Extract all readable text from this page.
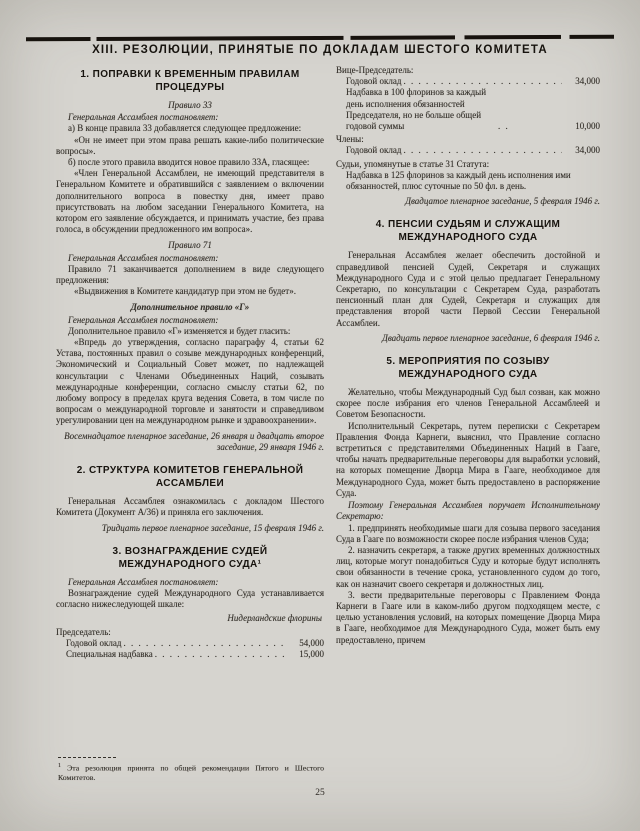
XIII. РЕЗОЛЮЦИИ, ПРИНЯТЫЕ ПО ДОКЛАДАМ ШЕСТОГО КОМИТЕТА
1. ПОПРАВКИ К ВРЕМЕННЫМ ПРАВИЛАМ ПРОЦЕДУРЫ
Правило 33
Генеральная Ассамблея постановляет:
а) В конце правила 33 добавляется следующее предложение:
«Он не имеет при этом права решать какие-либо политические вопросы».
б) после этого правила вводится новое правило 33А, гласящее:
«Член Генеральной Ассамблеи, не имеющий представителя в Генеральном Комитете и обратившийся с заявлением о включении дополнительного вопроса в повестку дня, имеет право присутствовать на любом заседании Генерального Комитета, на котором его заявление обсуждается, и принимать участие, без права голоса, в обсуждении предложенного им вопроса».
Правило 71
Генеральная Ассамблея постановляет:
Правило 71 заканчивается дополнением в виде следующего предложения:
«Выдвижения в Комитете кандидатур при этом не будет».
Дополнительное правило «Г»
Генеральная Ассамблея постановляет:
Дополнительное правило «Г» изменяется и будет гласить:
«Впредь до утверждения, согласно параграфу 4, статьи 62 Устава, постоянных правил о созыве международных конференций, Экономический и Социальный Совет может, по надлежащей консультации с Членами Объединенных Наций, созывать международные конференции, согласно смыслу статьи 62, по любому вопросу в пределах круга ведения Совета, в том числе по вопросам о международной торговле и занятости и справедливом урегулировании цен на международном рынке и здравоохранении».
Восемнадцатое пленарное заседание, 26 января и двадцать второе заседание, 29 января 1946 г.
2. СТРУКТУРА КОМИТЕТОВ ГЕНЕРАЛЬНОЙ АССАМБЛЕИ
Генеральная Ассамблея ознакомилась с докладом Шестого Комитета (Документ A/36) и приняла его заключения.
Тридцать первое пленарное заседание, 15 февраля 1946 г.
3. ВОЗНАГРАЖДЕНИЕ СУДЕЙ МЕЖДУНАРОДНОГО СУДА¹
Генеральная Ассамблея постановляет:
Вознаграждение судей Международного Суда устанавливается согласно нижеследующей шкале:
Нидерландские флорины
Председатель:
Годовой оклад . . .	54,000
Специальная надбавка . . .	15,000
Вице-Председатель:
Годовой оклад . . .	34,000
Надбавка в 100 флоринов за каждый день исполнения обязанностей Председателя, но не больше общей годовой суммы . .	10,000
Члены:
Годовой оклад . . .	34,000
Судьи, упомянутые в статье 31 Статута:
Надбавка в 125 флоринов за каждый день исполнения ими обязанностей, плюс суточные по 50 фл. в день.
Двадцатое пленарное заседание, 5 февраля 1946 г.
4. ПЕНСИИ СУДЬЯМ И СЛУЖАЩИМ МЕЖДУНАРОДНОГО СУДА
Генеральная Ассамблея желает обеспечить достойной и справедливой пенсией Судей, Секретаря и служащих Международного Суда и с этой целью предлагает Генеральному Секретарю, по консультации с Секретарем Суда, разработать пенсионный план для Судей, Секретаря и служащих для представления второй части Первой Сессии Генеральной Ассамблеи.
Двадцать первое пленарное заседание, 6 февраля 1946 г.
5. МЕРОПРИЯТИЯ ПО СОЗЫВУ МЕЖДУНАРОДНОГО СУДА
Желательно, чтобы Международный Суд был созван, как можно скорее после избрания его членов Генеральной Ассамблеей и Советом Безопасности.
Исполнительный Секретарь, путем переписки с Секретарем Правления Фонда Карнеги, выяснил, что Правление согласно встретиться с представителями Объединенных Наций в Гааге, чтобы начать предварительные переговоры для выработки условий, на которых помещение Дворца Мира в Гааге, необходимое для Международного Суда, может быть предоставлено в распоряжение Суда.
Поэтому Генеральная Ассамблея поручает Исполнительному Секретарю:
1. предпринять необходимые шаги для созыва первого заседания Суда в Гааге по возможности скорее после избрания членов Суда;
2. назначить секретаря, а также других временных должностных лиц, которые могут понадобиться Суду и которые будут исполнять свои обязанности в течение срока, установленного судом до того, как он назначит своего секретаря и должностных лиц.
3. вести предварительные переговоры с Правлением Фонда Карнеги в Гааге или в каком-либо другом подходящем месте, с целью установления условий, на которых помещение Дворца Мира в Гааге, необходимое для Международного Суда, может быть ему предоставлено, причем
$^1$ Эта резолюция принята по общей рекомендации Пятого и Шестого Комитетов.
25
